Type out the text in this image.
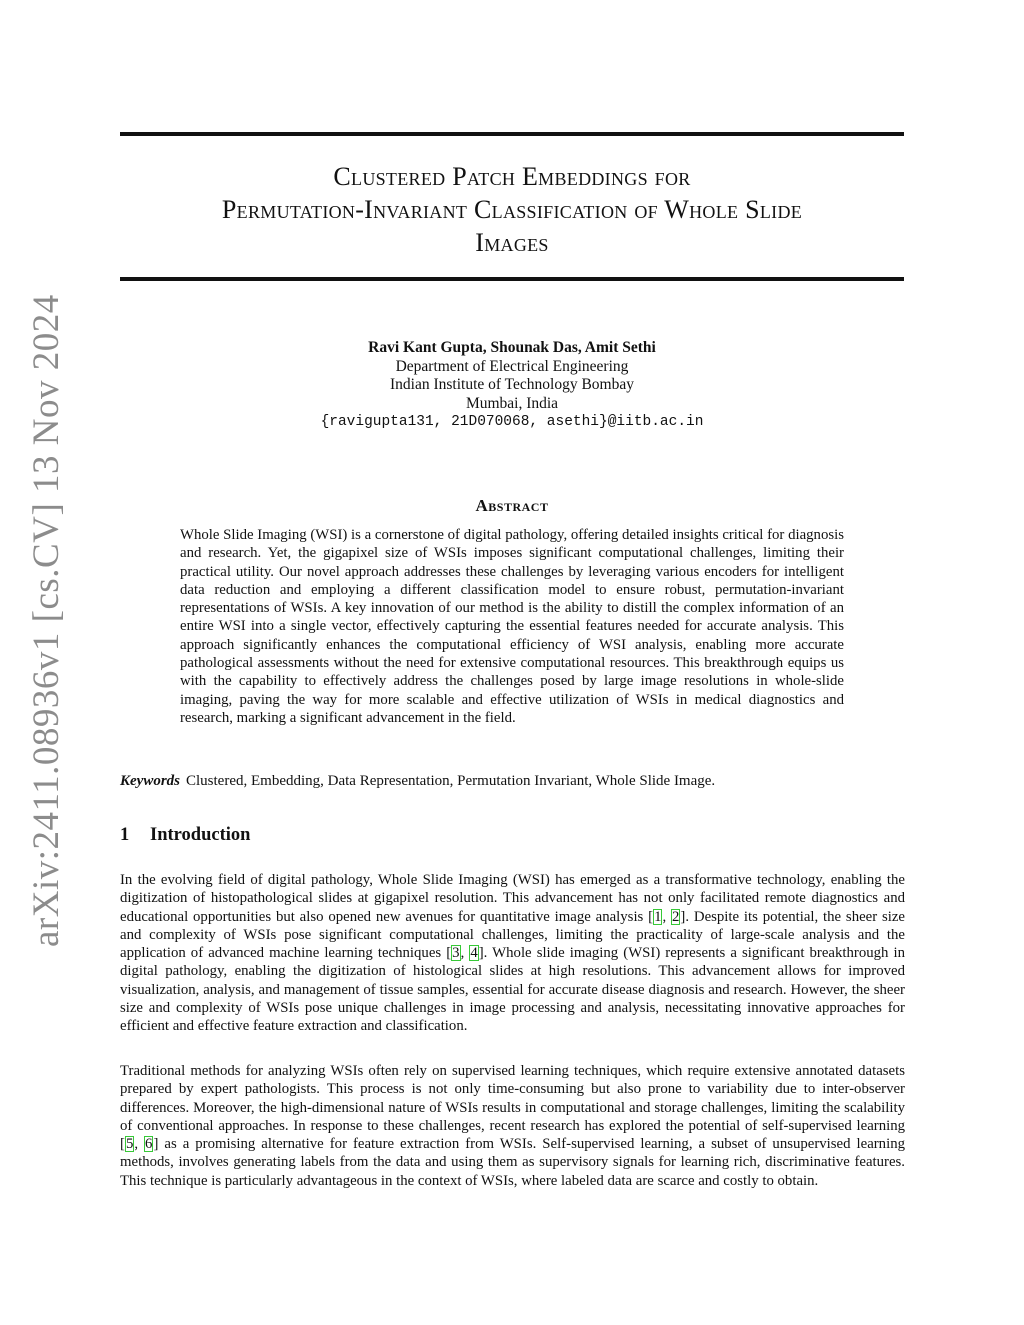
arXiv:2411.08936v1 [cs.CV] 13 Nov 2024
Clustered Patch Embeddings for
Permutation-Invariant Classification of Whole Slide
Images
Ravi Kant Gupta, Shounak Das, Amit Sethi
Department of Electrical Engineering
Indian Institute of Technology Bombay
Mumbai, India
{ravigupta131, 21D070068, asethi}@iitb.ac.in
Abstract
Whole Slide Imaging (WSI) is a cornerstone of digital pathology, offering detailed insights critical for diagnosis and research. Yet, the gigapixel size of WSIs imposes significant computational challenges, limiting their practical utility. Our novel approach addresses these challenges by leveraging various encoders for intelligent data reduction and employing a different classification model to ensure robust, permutation-invariant representations of WSIs. A key innovation of our method is the ability to distill the complex information of an entire WSI into a single vector, effectively capturing the essential features needed for accurate analysis. This approach significantly enhances the computational efficiency of WSI analysis, enabling more accurate pathological assessments without the need for extensive computational resources. This breakthrough equips us with the capability to effectively address the challenges posed by large image resolutions in whole-slide imaging, paving the way for more scalable and effective utilization of WSIs in medical diagnostics and research, marking a significant advancement in the field.
Keywords Clustered, Embedding, Data Representation, Permutation Invariant, Whole Slide Image.
1 Introduction
In the evolving field of digital pathology, Whole Slide Imaging (WSI) has emerged as a transformative technology, enabling the digitization of histopathological slides at gigapixel resolution. This advancement has not only facilitated remote diagnostics and educational opportunities but also opened new avenues for quantitative image analysis [1, 2]. Despite its potential, the sheer size and complexity of WSIs pose significant computational challenges, limiting the practicality of large-scale analysis and the application of advanced machine learning techniques [3, 4]. Whole slide imaging (WSI) represents a significant breakthrough in digital pathology, enabling the digitization of histological slides at high resolutions. This advancement allows for improved visualization, analysis, and management of tissue samples, essential for accurate disease diagnosis and research. However, the sheer size and complexity of WSIs pose unique challenges in image processing and analysis, necessitating innovative approaches for efficient and effective feature extraction and classification.
Traditional methods for analyzing WSIs often rely on supervised learning techniques, which require extensive annotated datasets prepared by expert pathologists. This process is not only time-consuming but also prone to variability due to inter-observer differences. Moreover, the high-dimensional nature of WSIs results in computational and storage challenges, limiting the scalability of conventional approaches. In response to these challenges, recent research has explored the potential of self-supervised learning [5, 6] as a promising alternative for feature extraction from WSIs. Self-supervised learning, a subset of unsupervised learning methods, involves generating labels from the data and using them as supervisory signals for learning rich, discriminative features. This technique is particularly advantageous in the context of WSIs, where labeled data are scarce and costly to obtain.
